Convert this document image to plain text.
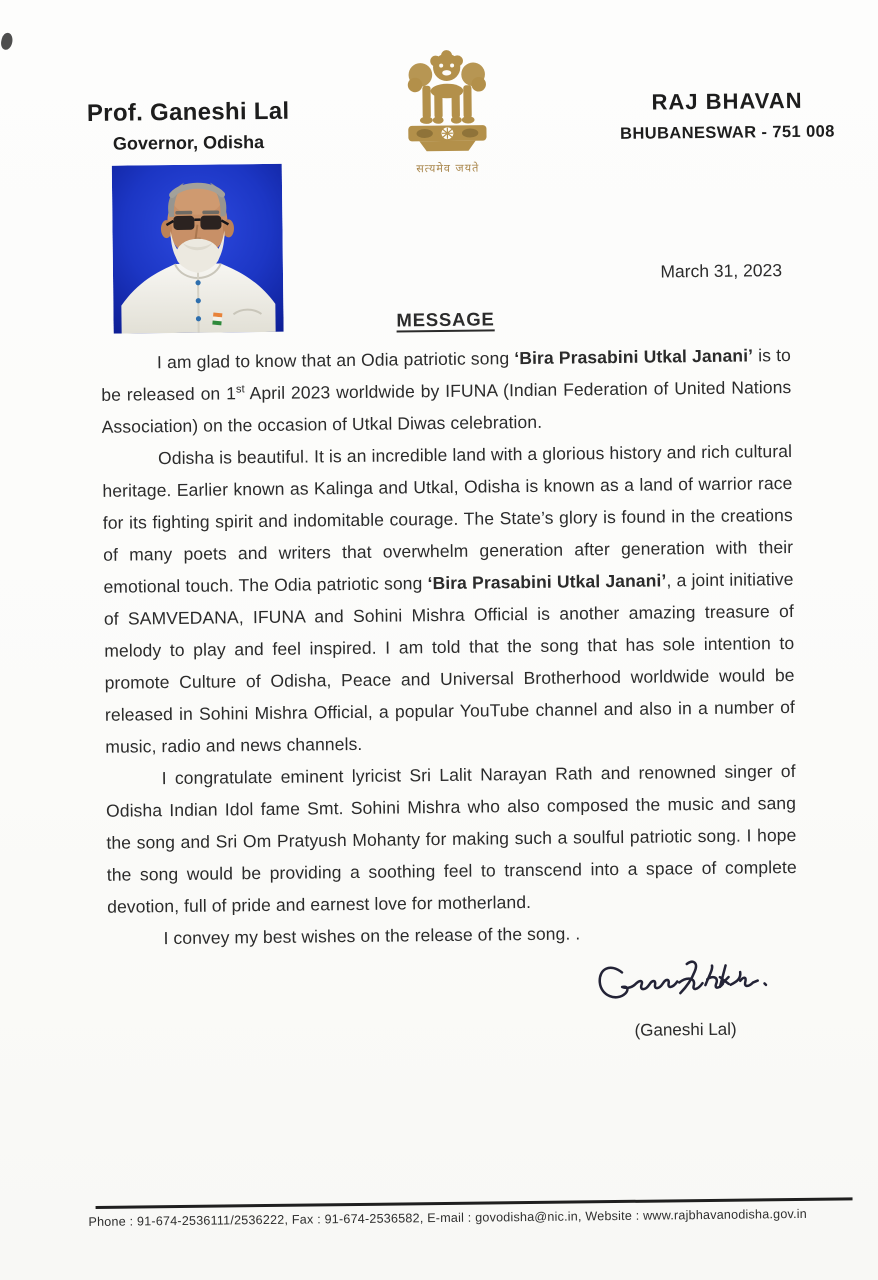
Prof. Ganeshi Lal
Governor, Odisha
सत्यमेव जयते
RAJ BHAVAN
BHUBANESWAR - 751 008
March 31, 2023
MESSAGE

I am glad to know that an Odia patriotic song ‘Bira Prasabini Utkal Janani’ is to be released on 1st April 2023 worldwide by IFUNA (Indian Federation of United Nations Association) on the occasion of Utkal Diwas celebration.

Odisha is beautiful. It is an incredible land with a glorious history and rich cultural heritage. Earlier known as Kalinga and Utkal, Odisha is known as a land of warrior race for its fighting spirit and indomitable courage. The State’s glory is found in the creations of many poets and writers that overwhelm generation after generation with their emotional touch. The Odia patriotic song ‘Bira Prasabini Utkal Janani’, a joint initiative of SAMVEDANA, IFUNA and Sohini Mishra Official is another amazing treasure of melody to play and feel inspired. I am told that the song that has sole intention to promote Culture of Odisha, Peace and Universal Brotherhood worldwide would be released in Sohini Mishra Official, a popular YouTube channel and also in a number of music, radio and news channels.

I congratulate eminent lyricist Sri Lalit Narayan Rath and renowned singer of Odisha Indian Idol fame Smt. Sohini Mishra who also composed the music and sang the song and Sri Om Pratyush Mohanty for making such a soulful patriotic song. I hope the song would be providing a soothing feel to transcend into a space of complete devotion, full of pride and earnest love for motherland.

I convey my best wishes on the release of the song. .

(Ganeshi Lal)
Phone : 91-674-2536111/2536222, Fax : 91-674-2536582, E-mail : govodisha@nic.in, Website : www.rajbhavanodisha.gov.in
